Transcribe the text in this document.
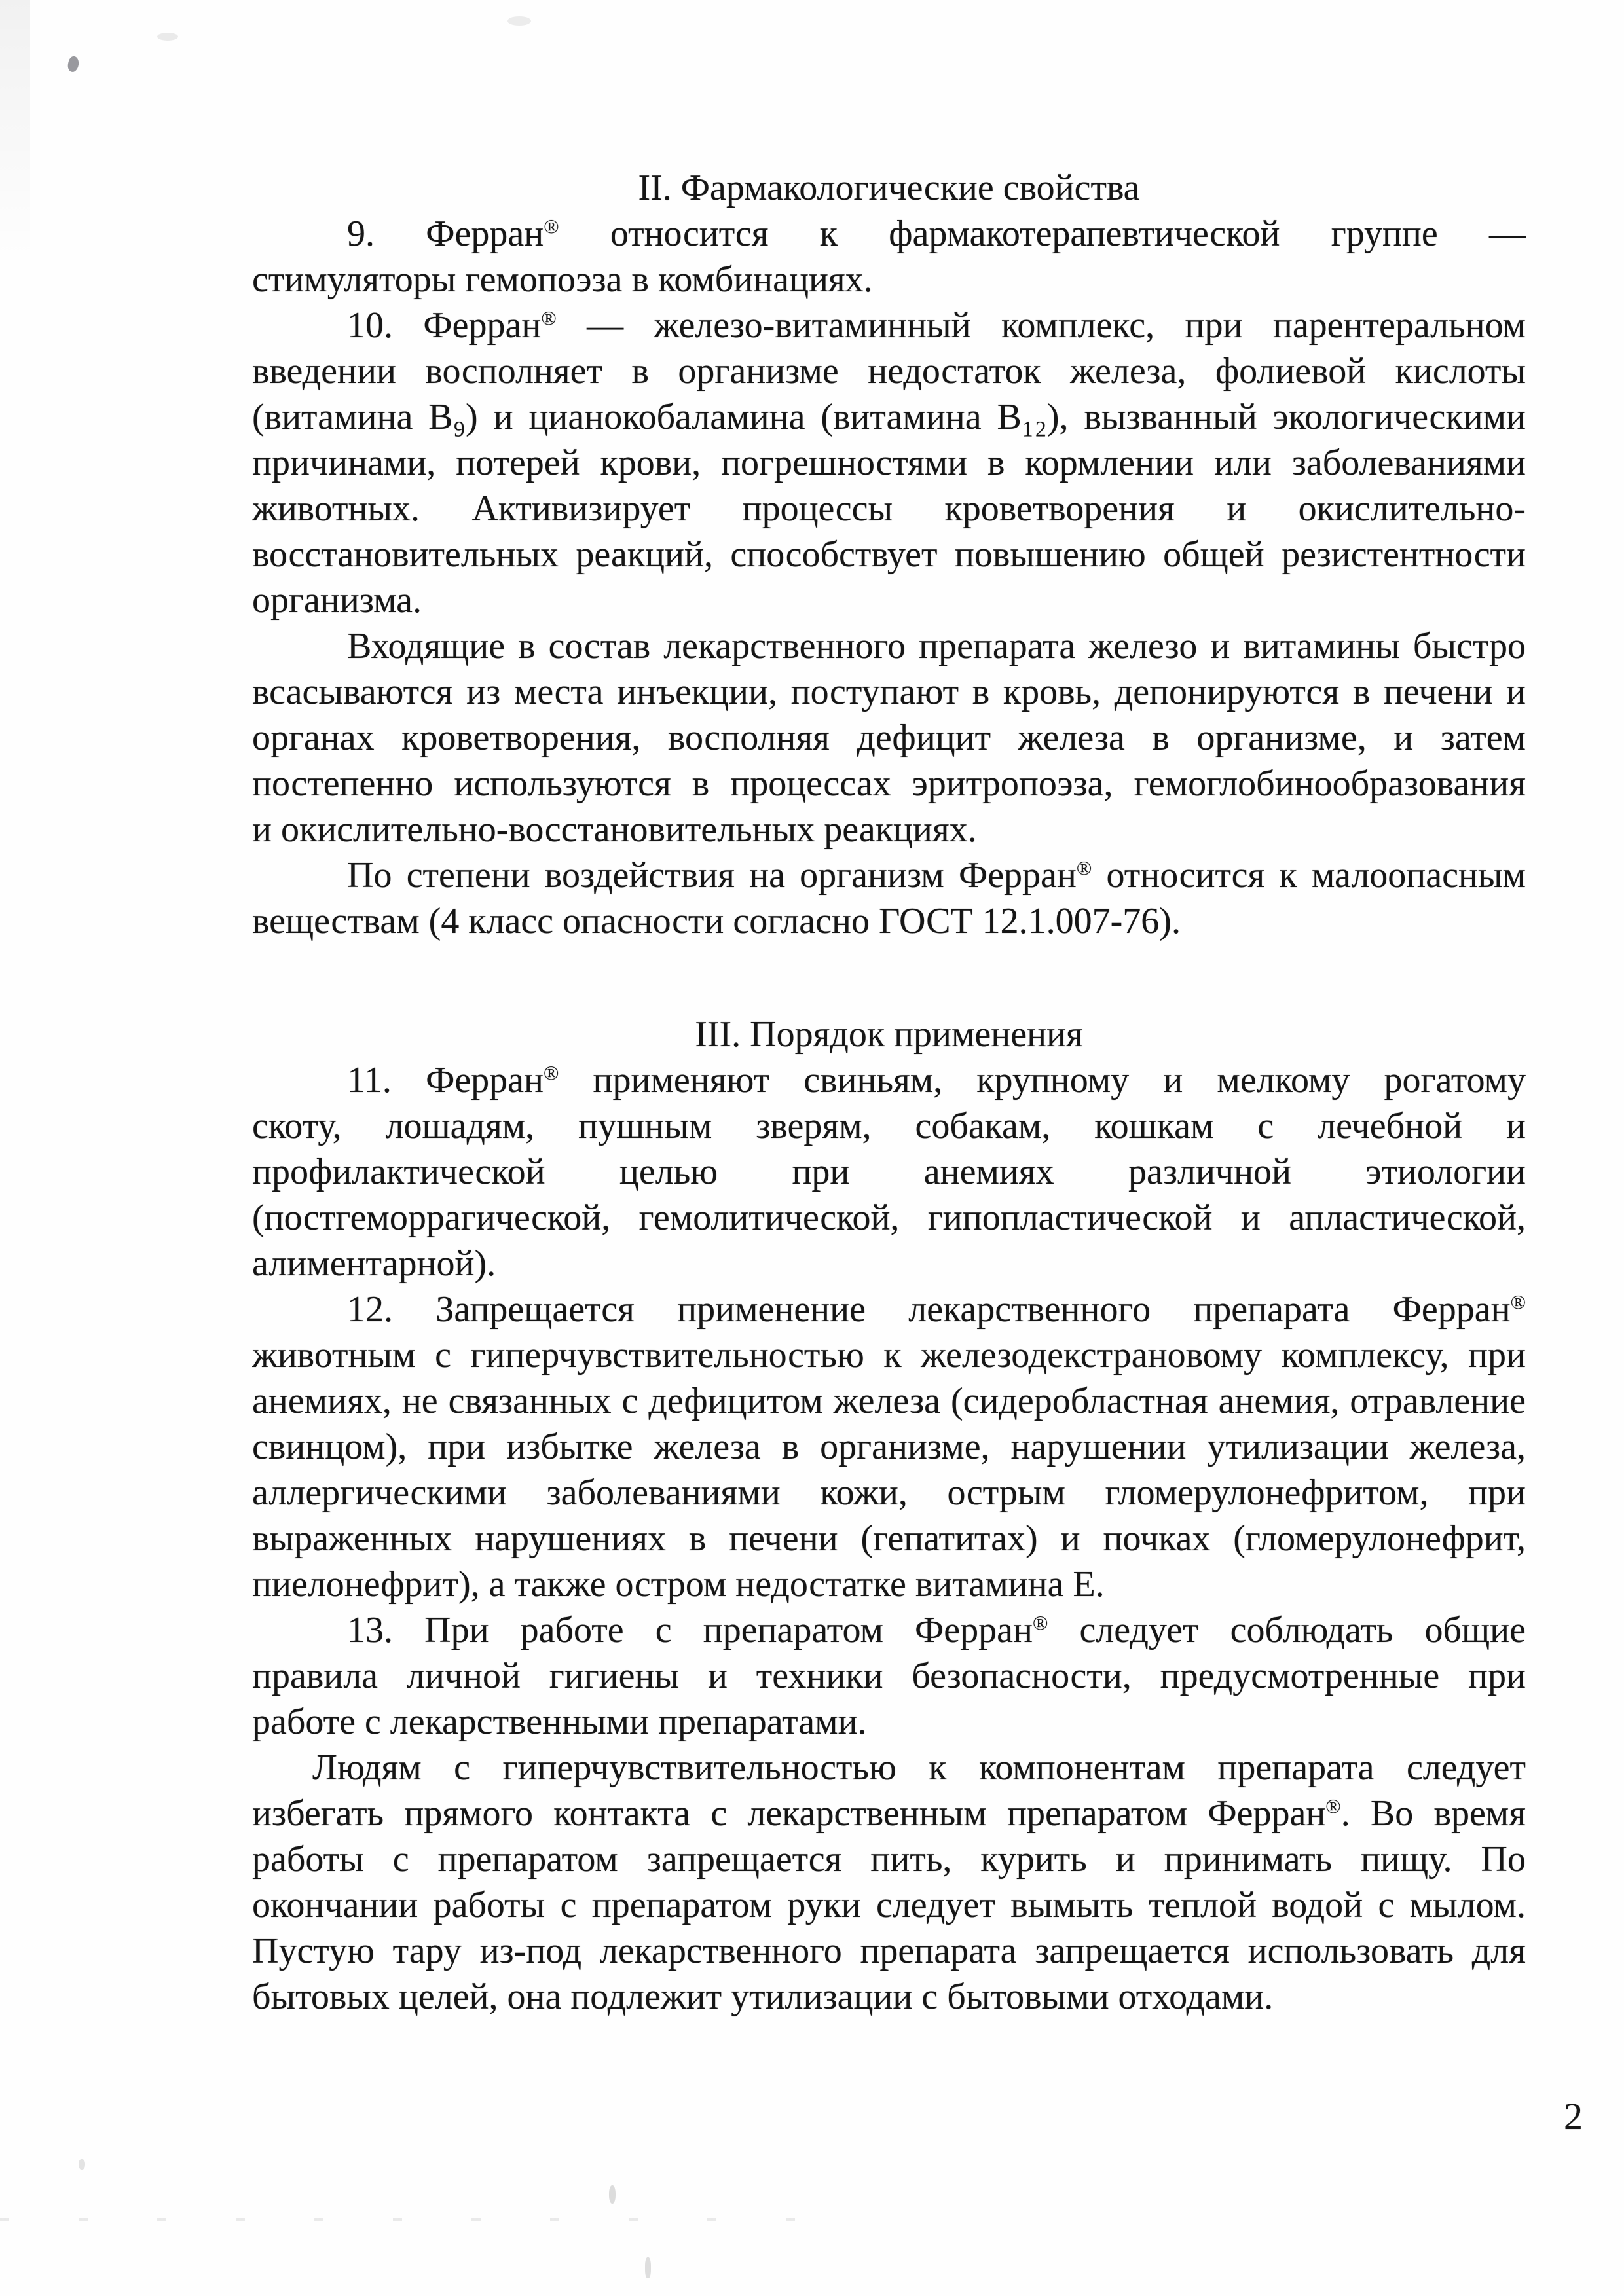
II. Фармакологические свойства
9. Ферран® относится к фармакотерапевтической группе —
стимуляторы гемопоэза в комбинациях.
10. Ферран® — железо-витаминный комплекс, при парентеральном
введении восполняет в организме недостаток железа, фолиевой кислоты
(витамина В₉) и цианокобаламина (витамина В₁₂), вызванный экологическими
причинами, потерей крови, погрешностями в кормлении или заболеваниями
животных. Активизирует процессы кроветворения и окислительно-
восстановительных реакций, способствует повышению общей резистентности
организма.
Входящие в состав лекарственного препарата железо и витамины быстро
всасываются из места инъекции, поступают в кровь, депонируются в печени и
органах кроветворения, восполняя дефицит железа в организме, и затем
постепенно используются в процессах эритропоэза, гемоглобинообразования
и окислительно-восстановительных реакциях.
По степени воздействия на организм Ферран® относится к малоопасным
веществам (4 класс опасности согласно ГОСТ 12.1.007-76).
III. Порядок применения
11. Ферран® применяют свиньям, крупному и мелкому рогатому
скоту, лошадям, пушным зверям, собакам, кошкам с лечебной и
профилактической целью при анемиях различной этиологии
(постгеморрагической, гемолитической, гипопластической и апластической,
алиментарной).
12. Запрещается применение лекарственного препарата Ферран®
животным с гиперчувствительностью к железодекстрановому комплексу, при
анемиях, не связанных с дефицитом железа (сидеробластная анемия, отравление
свинцом), при избытке железа в организме, нарушении утилизации железа,
аллергическими заболеваниями кожи, острым гломерулонефритом, при
выраженных нарушениях в печени (гепатитах) и почках (гломерулонефрит,
пиелонефрит), а также остром недостатке витамина Е.
13. При работе с препаратом Ферран® следует соблюдать общие
правила личной гигиены и техники безопасности, предусмотренные при
работе с лекарственными препаратами.
Людям с гиперчувствительностью к компонентам препарата следует
избегать прямого контакта с лекарственным препаратом Ферран®. Во время
работы с препаратом запрещается пить, курить и принимать пищу. По
окончании работы с препаратом руки следует вымыть теплой водой с мылом.
Пустую тару из-под лекарственного препарата запрещается использовать для
бытовых целей, она подлежит утилизации с бытовыми отходами.
2
